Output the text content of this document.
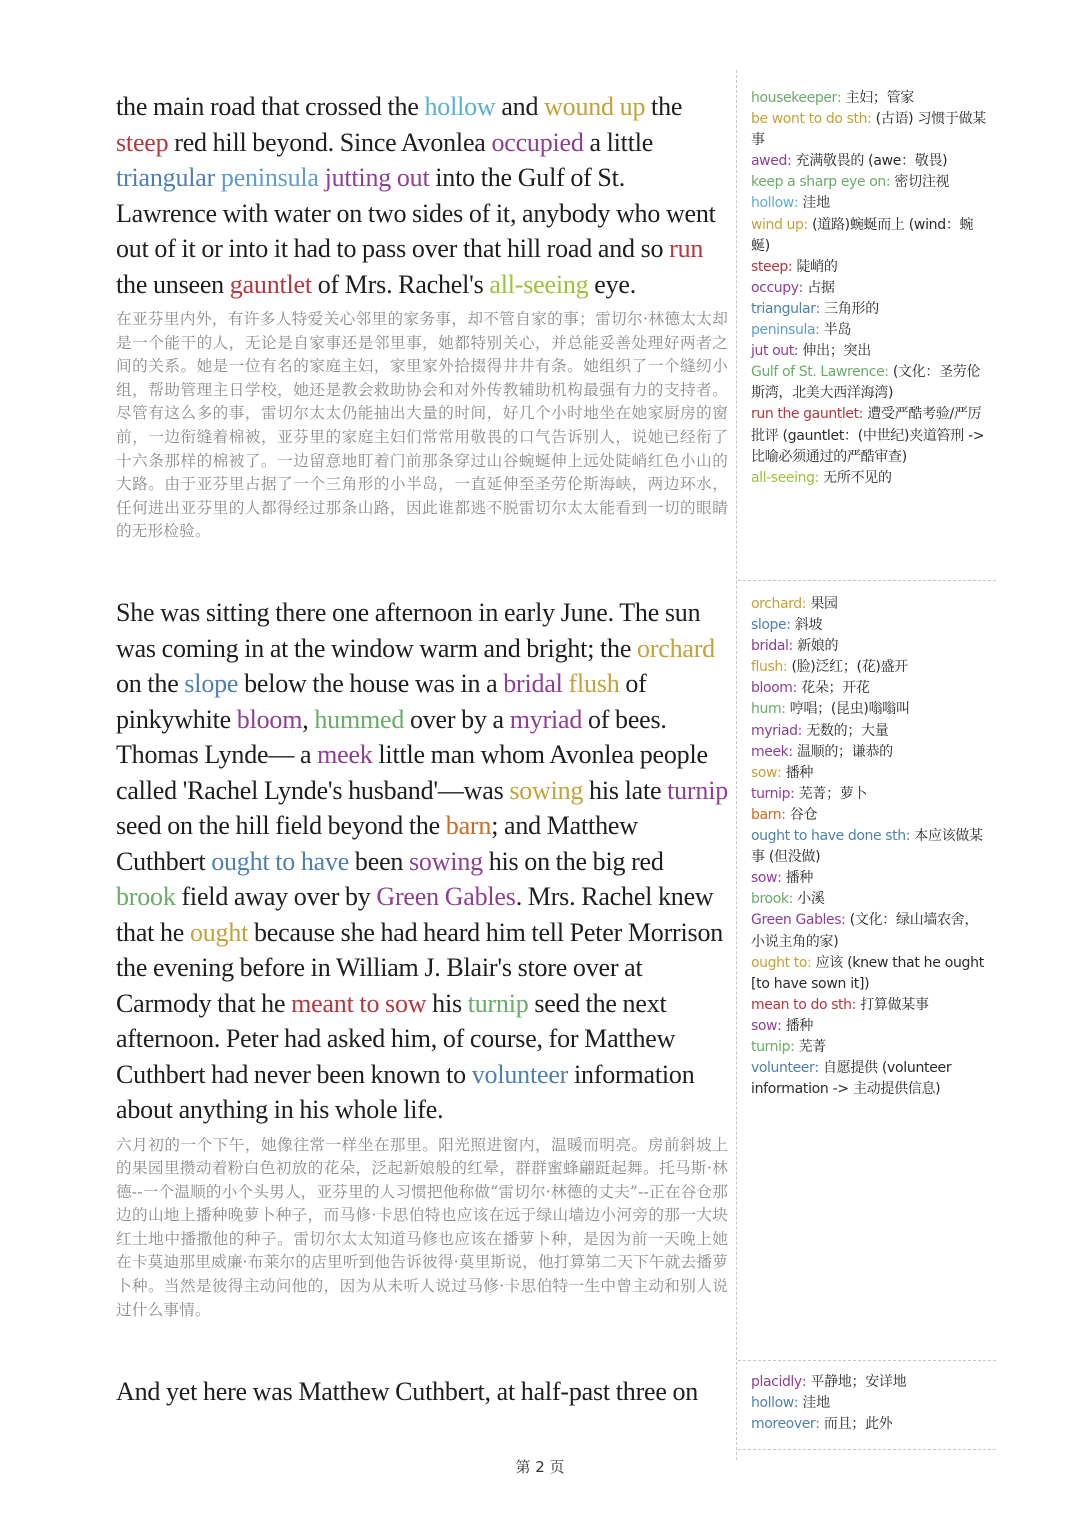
the main road that crossed the hollow and wound up the steep red hill beyond. Since Avonlea occupied a little triangular peninsula jutting out into the Gulf of St. Lawrence with water on two sides of it, anybody who went out of it or into it had to pass over that hill road and so run the unseen gauntlet of Mrs. Rachel's all-seeing eye.

在亚芬里内外，有许多人特爱关心邻里的家务事，却不管自家的事；雷切尔·林德太太却是一个能干的人，无论是自家事还是邻里事，她都特别关心，并总能妥善处理好两者之间的关系。她是一位有名的家庭主妇，家里家外拾掇得井井有条。她组织了一个缝纫小组，帮助管理主日学校，她还是教会救助协会和对外传教辅助机构最强有力的支持者。尽管有这么多的事，雷切尔太太仍能抽出大量的时间，好几个小时地坐在她家厨房的窗前，一边衔缝着棉被，亚芬里的家庭主妇们常常用敬畏的口气告诉别人，说她已经衔了十六条那样的棉被了。一边留意地盯着门前那条穿过山谷蜿蜒伸上远处陡峭红色小山的大路。由于亚芬里占据了一个三角形的小半岛，一直延伸至圣劳伦斯海峡，两边环水，任何进出亚芬里的人都得经过那条山路，因此谁都逃不脱雷切尔太太能看到一切的眼睛的无形检验。

She was sitting there one afternoon in early June. The sun was coming in at the window warm and bright; the orchard on the slope below the house was in a bridal flush of pinkywhite bloom, hummed over by a myriad of bees. Thomas Lynde— a meek little man whom Avonlea people called 'Rachel Lynde's husband'—was sowing his late turnip seed on the hill field beyond the barn; and Matthew Cuthbert ought to have been sowing his on the big red brook field away over by Green Gables. Mrs. Rachel knew that he ought because she had heard him tell Peter Morrison the evening before in William J. Blair's store over at Carmody that he meant to sow his turnip seed the next afternoon. Peter had asked him, of course, for Matthew Cuthbert had never been known to volunteer information about anything in his whole life.

六月初的一个下午，她像往常一样坐在那里。阳光照进窗内，温暖而明亮。房前斜坡上的果园里攒动着粉白色初放的花朵，泛起新娘般的红晕，群群蜜蜂翩跹起舞。托马斯·林德--一个温顺的小个头男人，亚芬里的人习惯把他称做“雷切尔·林德的丈夫”--正在谷仓那边的山地上播种晚萝卜种子，而马修·卡思伯特也应该在远于绿山墙边小河旁的那一大块红土地中播撒他的种子。雷切尔太太知道马修也应该在播萝卜种，是因为前一天晚上她在卡莫迪那里威廉·布莱尔的店里听到他告诉彼得·莫里斯说，他打算第二天下午就去播萝卜种。当然是彼得主动问他的，因为从未听人说过马修·卡思伯特一生中曾主动和别人说过什么事情。

And yet here was Matthew Cuthbert, at half-past three on

housekeeper: 主妇；管家

be wont to do sth: (古语) 习惯于做某事

awed: 充满敬畏的 (awe：敬畏)

keep a sharp eye on: 密切注视

hollow: 洼地

wind up: (道路)蜿蜒而上 (wind：蜿蜒)

steep: 陡峭的

occupy: 占据

triangular: 三角形的

peninsula: 半岛

jut out: 伸出；突出

Gulf of St. Lawrence: (文化：圣劳伦斯湾，北美大西洋海湾)

run the gauntlet: 遭受严酷考验/严厉批评 (gauntlet：(中世纪)夹道笞刑 -> 比喻必须通过的严酷审查)

all-seeing: 无所不见的

orchard: 果园

slope: 斜坡

bridal: 新娘的

flush: (脸)泛红；(花)盛开

bloom: 花朵；开花

hum: 哼唱；(昆虫)嗡嗡叫

myriad: 无数的；大量

meek: 温顺的；谦恭的

sow: 播种

turnip: 芜菁；萝卜

barn: 谷仓

ought to have done sth: 本应该做某事 (但没做)

sow: 播种

brook: 小溪

Green Gables: (文化：绿山墙农舍，小说主角的家)

ought to: 应该 (knew that he ought [to have sown it])

mean to do sth: 打算做某事

sow: 播种

turnip: 芜菁

volunteer: 自愿提供 (volunteer information -> 主动提供信息)

placidly: 平静地；安详地

hollow: 洼地

moreover: 而且；此外

第 2 页
